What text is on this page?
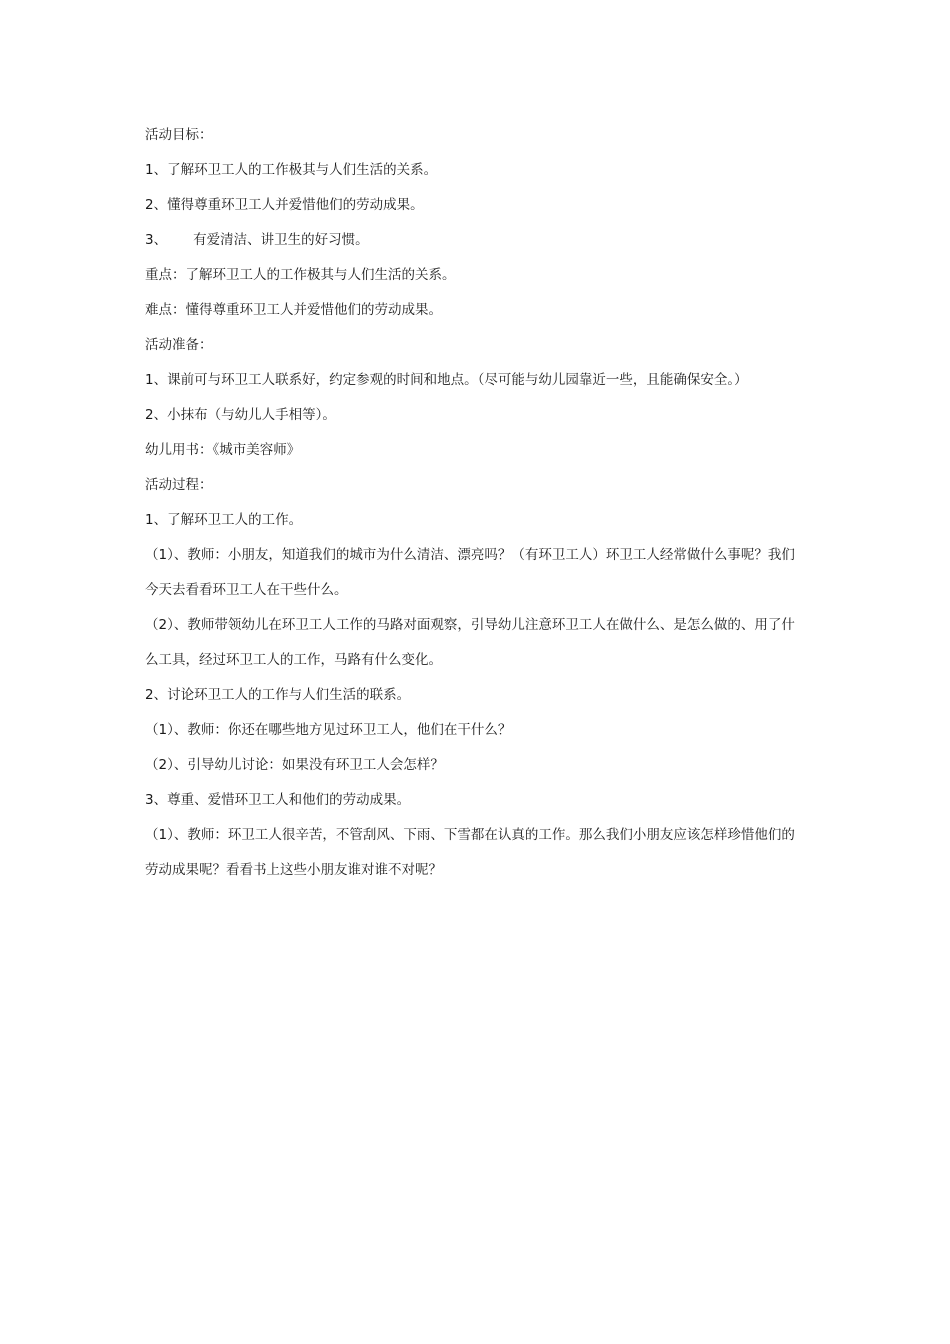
活动目标：

1、了解环卫工人的工作极其与人们生活的关系。

2、懂得尊重环卫工人并爱惜他们的劳动成果。

3、 有爱清洁、讲卫生的好习惯。

重点：了解环卫工人的工作极其与人们生活的关系。

难点：懂得尊重环卫工人并爱惜他们的劳动成果。

活动准备：

1、课前可与环卫工人联系好，约定参观的时间和地点。（尽可能与幼儿园靠近一些，且能确保安全。）

2、小抹布（与幼儿人手相等）。

幼儿用书：《城市美容师》

活动过程：

1、了解环卫工人的工作。

（1）、教师：小朋友，知道我们的城市为什么清洁、漂亮吗？（有环卫工人）环卫工人经常做什么事呢？我们

今天去看看环卫工人在干些什么。

（2）、教师带领幼儿在环卫工人工作的马路对面观察，引导幼儿注意环卫工人在做什么、是怎么做的、用了什

么工具，经过环卫工人的工作，马路有什么变化。

2、讨论环卫工人的工作与人们生活的联系。

（1）、教师：你还在哪些地方见过环卫工人，他们在干什么？

（2）、引导幼儿讨论：如果没有环卫工人会怎样？

3、尊重、爱惜环卫工人和他们的劳动成果。

（1）、教师：环卫工人很辛苦，不管刮风、下雨、下雪都在认真的工作。那么我们小朋友应该怎样珍惜他们的

劳动成果呢？看看书上这些小朋友谁对谁不对呢？
